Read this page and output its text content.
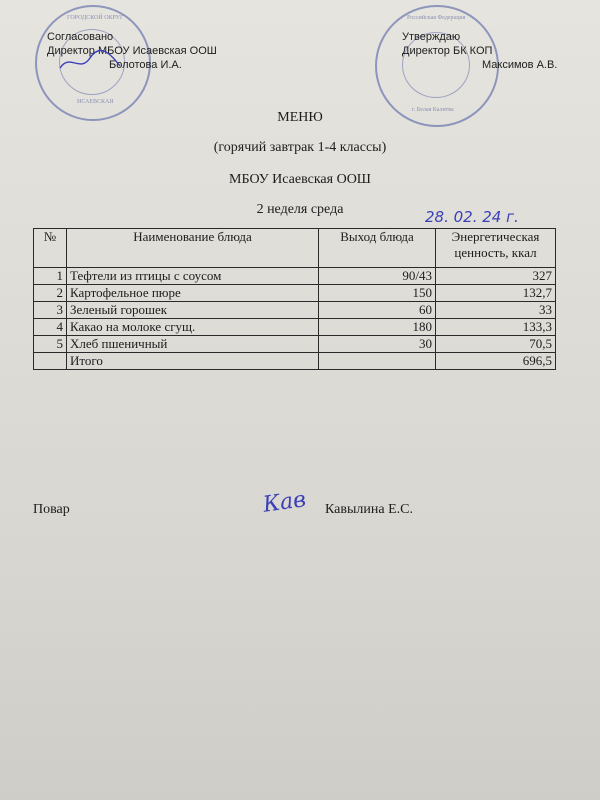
ГОРОДСКОЙ ОКРУГ
ИСАЕВСКАЯ
Российская Федерация
г. Белая Калитва
Согласовано
Директор МБОУ Исаевская ООШ
Болотова И.А.
Утверждаю
Директор БК КОП
Максимов А.В.
МЕНЮ
(горячий завтрак 1-4 классы)
МБОУ Исаевская ООШ
2 неделя среда	28. 02. 24 г.
№	Наименование блюда	Выход блюда	Энергетическая ценность, ккал
1	Тефтели из птицы с соусом	90/43	327
2	Картофельное пюре	150	132,7
3	Зеленый горошек	60	33
4	Какао на молоке сгущ.	180	133,3
5	Хлеб пшеничный	30	70,5
	Итого		696,5
Повар	Кав Кавылина Е.С.
